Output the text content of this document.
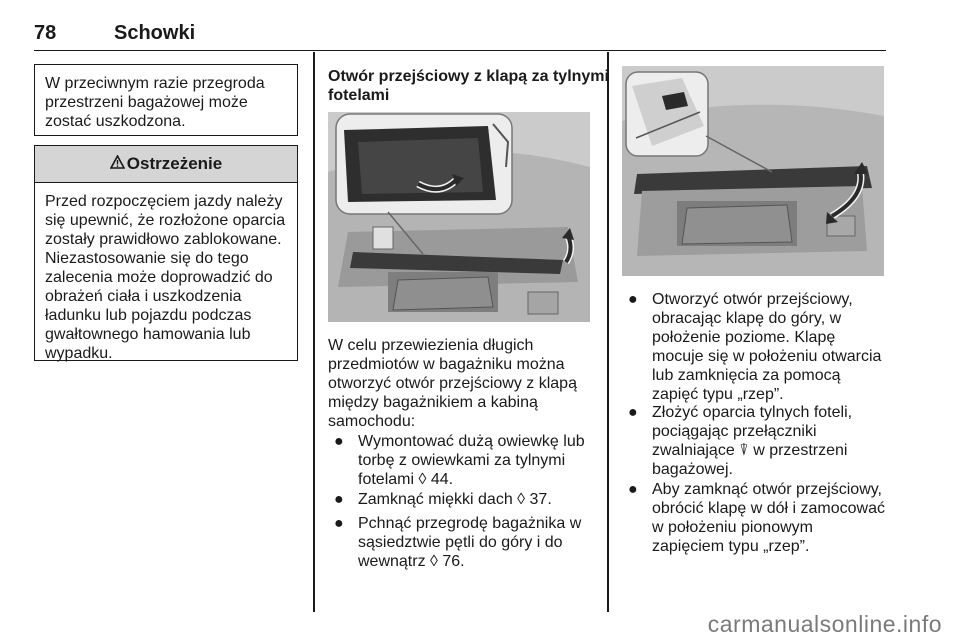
78	Schowki
W przeciwnym razie przegroda
przestrzeni bagażowej może
zostać uszkodzona.
Ostrzeżenie
Przed rozpoczęciem jazdy należy
się upewnić, że rozłożone oparcia
zostały prawidłowo zablokowane.
Niezastosowanie się do tego
zalecenia może doprowadzić do
obrażeń ciała i uszkodzenia
ładunku lub pojazdu podczas
gwałtownego hamowania lub
wypadku.
Otwór przejściowy z klapą za tylnymi
fotelami
W celu przewiezienia długich
przedmiotów w bagażniku można
otworzyć otwór przejściowy z klapą
między bagażnikiem a kabiną
samochodu:
● Wymontować dużą owiewkę lub
torbę z owiewkami za tylnymi
fotelami ◊ 44.
● Zamknąć miękki dach ◊ 37.
● Pchnąć przegrodę bagażnika w
sąsiedztwie pętli do góry i do
wewnątrz ◊ 76.
● Otworzyć otwór przejściowy,
obracając klapę do góry, w
położenie poziome. Klapę
mocuje się w położeniu otwarcia
lub zamknięcia za pomocą
zapięć typu „rzep”.
● Złożyć oparcia tylnych foteli,
pociągając przełączniki
zwalniające ⍒ w przestrzeni
bagażowej.
● Aby zamknąć otwór przejściowy,
obrócić klapę w dół i zamocować
w położeniu pionowym
zapięciem typu „rzep”.
carmanualsonline.info
